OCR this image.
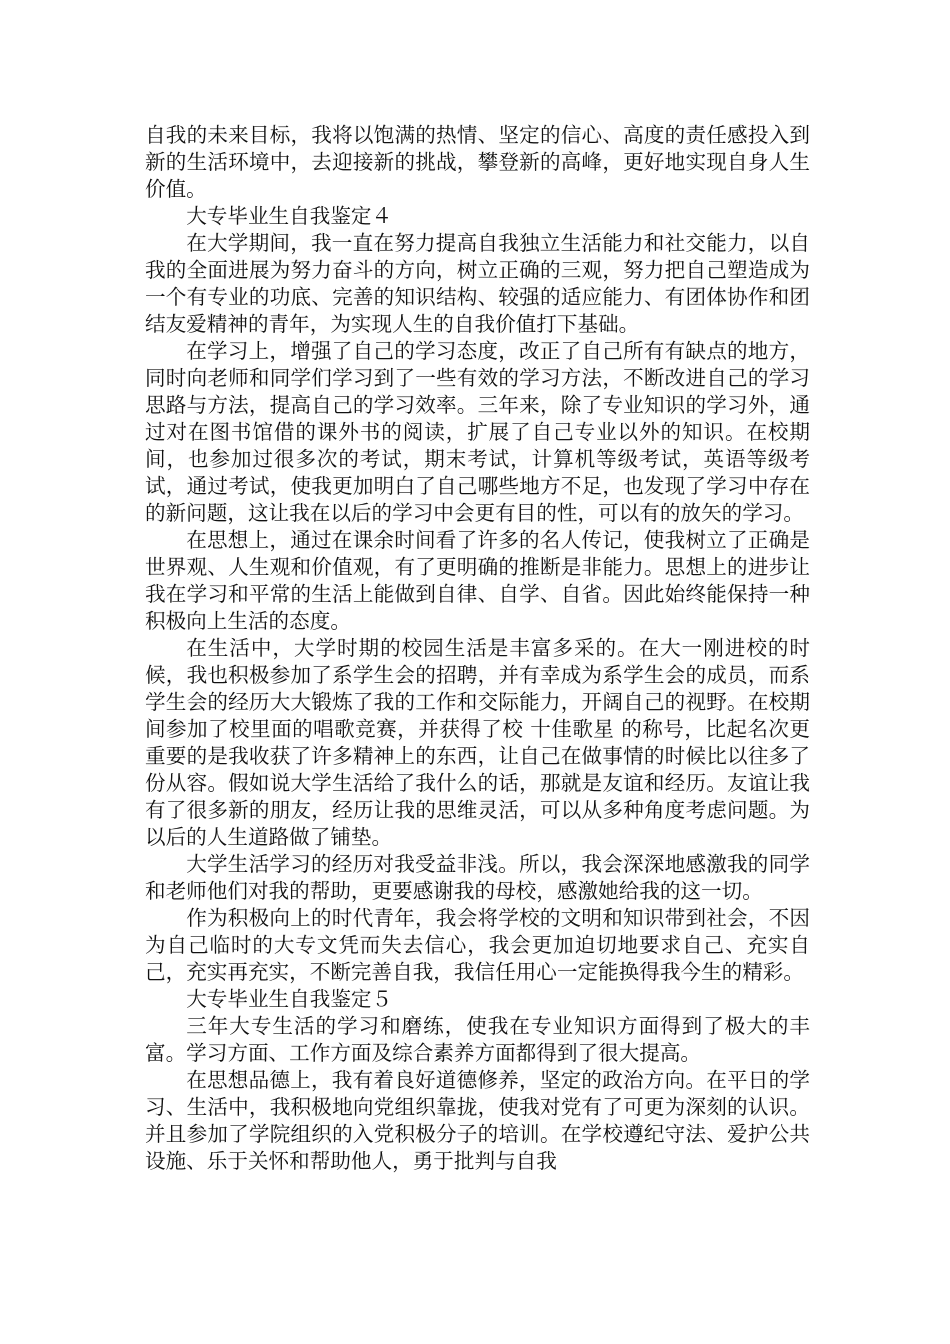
自我的未来目标，我将以饱满的热情、坚定的信心、高度的责任感投入到新的生活环境中，去迎接新的挑战，攀登新的高峰，更好地实现自身人生价值。

大专毕业生自我鉴定４

在大学期间，我一直在努力提高自我独立生活能力和社交能力，以自我的全面进展为努力奋斗的方向，树立正确的三观，努力把自己塑造成为一个有专业的功底、完善的知识结构、较强的适应能力、有团体协作和团结友爱精神的青年，为实现人生的自我价值打下基础。

在学习上，增强了自己的学习态度，改正了自己所有有缺点的地方，同时向老师和同学们学习到了一些有效的学习方法，不断改进自己的学习思路与方法，提高自己的学习效率。三年来，除了专业知识的学习外，通过对在图书馆借的课外书的阅读，扩展了自己专业以外的知识。在校期间，也参加过很多次的考试，期末考试，计算机等级考试，英语等级考试，通过考试，使我更加明白了自己哪些地方不足，也发现了学习中存在的新问题，这让我在以后的学习中会更有目的性，可以有的放矢的学习。

在思想上，通过在课余时间看了许多的名人传记，使我树立了正确是世界观、人生观和价值观，有了更明确的推断是非能力。思想上的进步让我在学习和平常的生活上能做到自律、自学、自省。因此始终能保持一种积极向上生活的态度。

在生活中，大学时期的校园生活是丰富多采的。在大一刚进校的时候，我也积极参加了系学生会的招聘，并有幸成为系学生会的成员，而系学生会的经历大大锻炼了我的工作和交际能力，开阔自己的视野。在校期间参加了校里面的唱歌竞赛，并获得了校 十佳歌星 的称号，比起名次更重要的是我收获了许多精神上的东西，让自己在做事情的时候比以往多了份从容。假如说大学生活给了我什么的话，那就是友谊和经历。友谊让我有了很多新的朋友，经历让我的思维灵活，可以从多种角度考虑问题。为以后的人生道路做了铺垫。

大学生活学习的经历对我受益非浅。所以，我会深深地感激我的同学和老师他们对我的帮助，更要感谢我的母校，感激她给我的这一切。

作为积极向上的时代青年，我会将学校的文明和知识带到社会，不因为自己临时的大专文凭而失去信心，我会更加迫切地要求自己、充实自己，充实再充实，不断完善自我，我信任用心一定能换得我今生的精彩。

大专毕业生自我鉴定５

三年大专生活的学习和磨练，使我在专业知识方面得到了极大的丰富。学习方面、工作方面及综合素养方面都得到了很大提高。

在思想品德上，我有着良好道德修养，坚定的政治方向。在平日的学习、生活中，我积极地向党组织靠拢，使我对党有了可更为深刻的认识。并且参加了学院组织的入党积极分子的培训。在学校遵纪守法、爱护公共设施、乐于关怀和帮助他人，勇于批判与自我
